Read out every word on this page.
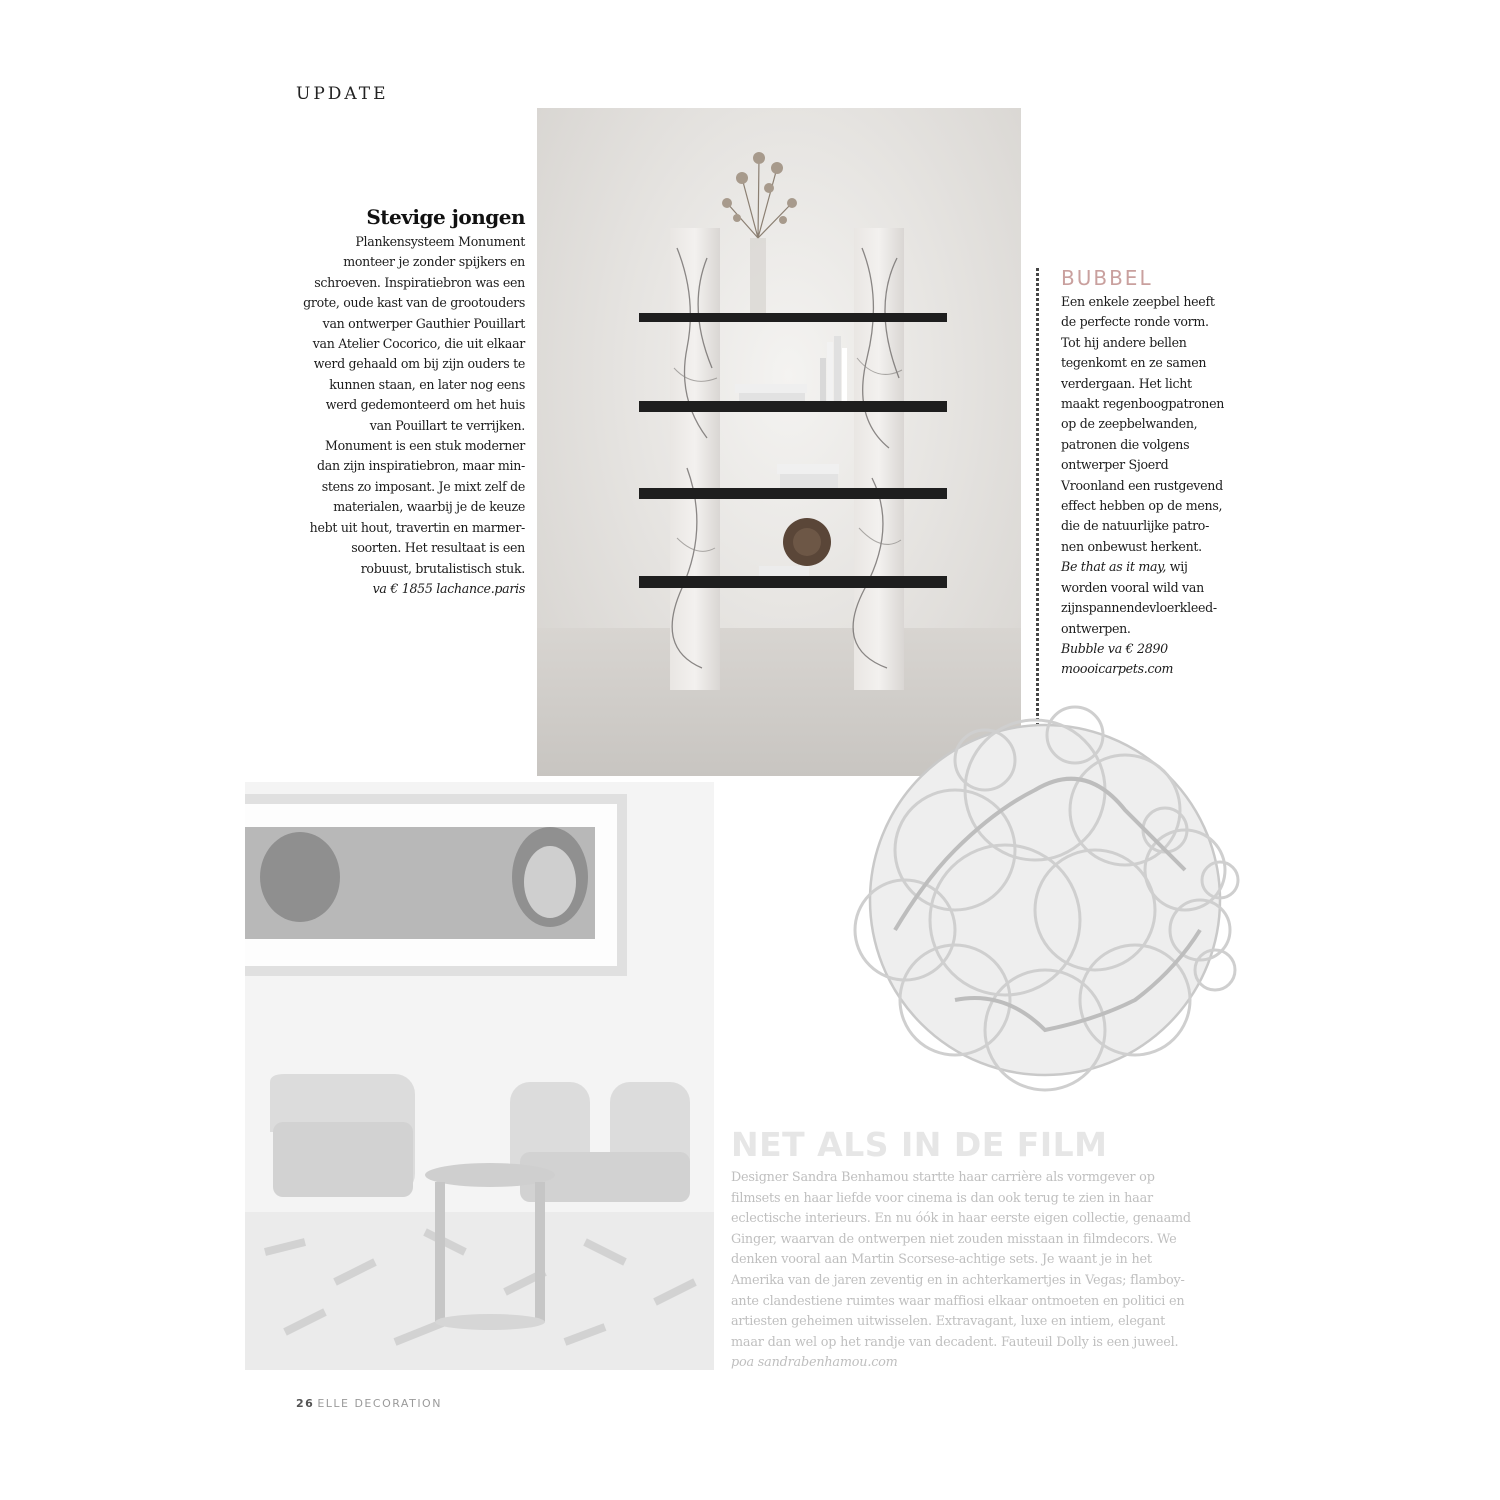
UPDATE
Stevige jongen

Plankensysteem Monument
monteer je zonder spijkers en
schroeven. Inspiratiebron was een
grote, oude kast van de grootouders
van ontwerper Gauthier Pouillart
van Atelier Cocorico, die uit elkaar
werd gehaald om bij zijn ouders te
kunnen staan, en later nog eens
werd gedemonteerd om het huis
van Pouillart te verrijken.
Monument is een stuk moderner
dan zijn inspiratiebron, maar min-
stens zo imposant. Je mixt zelf de
materialen, waarbij je de keuze
hebt uit hout, travertin en marmer-
soorten. Het resultaat is een
robuust, brutalistisch stuk.
va € 1855 lachance.paris

BUBBEL

Een enkele zeepbel heeft
de perfecte ronde vorm.
Tot hij andere bellen
tegenkomt en ze samen
verdergaan. Het licht
maakt regenboogpatronen
op de zeepbelwanden,
patronen die volgens
ontwerper Sjoerd
Vroonland een rustgevend
effect hebben op de mens,
die de natuurlijke patro-
nen onbewust herkent.
Be that as it may, wij
worden vooral wild van
zijnspannendevloerkleed-
ontwerpen.
Bubble va € 2890
moooicarpets.com

NET ALS IN DE FILM

Designer Sandra Benhamou startte haar carrière als vormgever op
filmsets en haar liefde voor cinema is dan ook terug te zien in haar
eclectische interieurs. En nu óók in haar eerste eigen collectie, genaamd
Ginger, waarvan de ontwerpen niet zouden misstaan in filmdecors. We
denken vooral aan Martin Scorsese-achtige sets. Je waant je in het
Amerika van de jaren zeventig en in achterkamertjes in Vegas; flamboy-
ante clandestiene ruimtes waar maffiosi elkaar ontmoeten en politici en
artiesten geheimen uitwisselen. Extravagant, luxe en intiem, elegant
maar dan wel op het randje van decadent. Fauteuil Dolly is een juweel.
poa sandrabenhamou.com

26 ELLE DECORATION
